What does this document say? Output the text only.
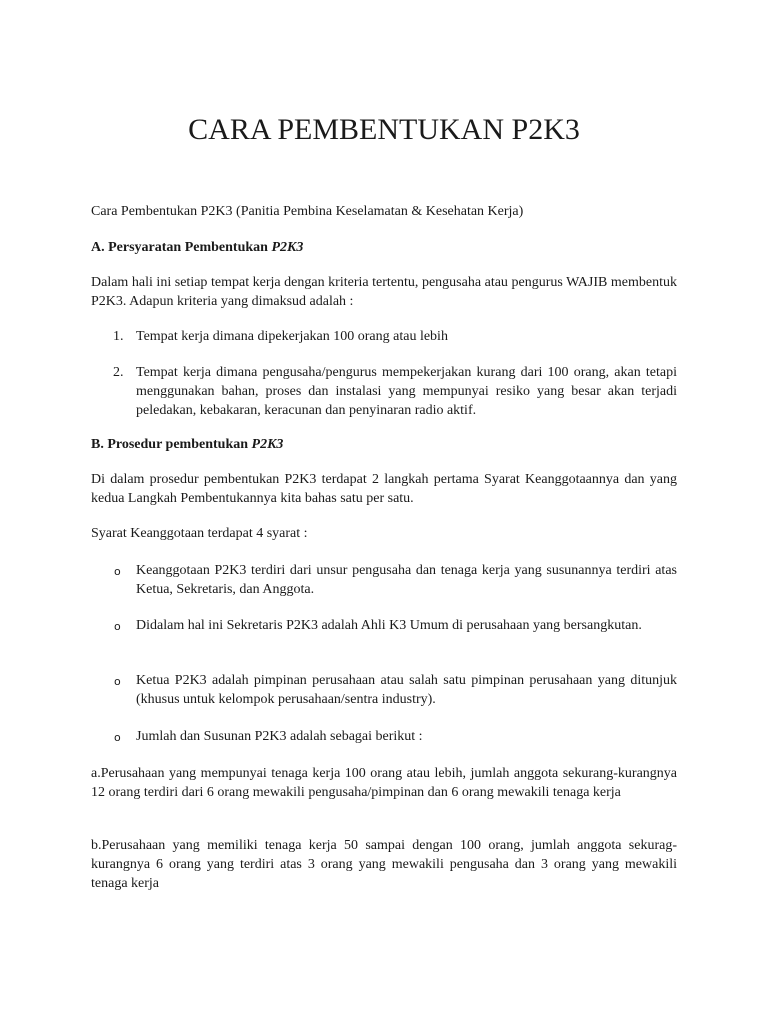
CARA PEMBENTUKAN P2K3

Cara Pembentukan P2K3 (Panitia Pembina Keselamatan & Kesehatan Kerja)

A. Persyaratan Pembentukan P2K3

Dalam hali ini setiap tempat kerja dengan kriteria tertentu, pengusaha atau pengurus WAJIB membentuk P2K3. Adapun kriteria yang dimaksud adalah :

1. Tempat kerja dimana dipekerjakan 100 orang atau lebih
2. Tempat kerja dimana pengusaha/pengurus mempekerjakan kurang dari 100 orang, akan tetapi menggunakan bahan, proses dan instalasi yang mempunyai resiko yang besar akan terjadi peledakan, kebakaran, keracunan dan penyinaran radio aktif.
B. Prosedur pembentukan P2K3

Di dalam prosedur pembentukan P2K3 terdapat 2 langkah pertama Syarat Keanggotaannya dan yang kedua Langkah Pembentukannya kita bahas satu per satu.

Syarat Keanggotaan terdapat 4 syarat :

o Keanggotaan P2K3 terdiri dari unsur pengusaha dan tenaga kerja yang susunannya terdiri atas Ketua, Sekretaris, dan Anggota.
o Didalam hal ini Sekretaris P2K3 adalah Ahli K3 Umum di perusahaan yang bersangkutan.
o Ketua P2K3 adalah pimpinan perusahaan atau salah satu pimpinan perusahaan yang ditunjuk (khusus untuk kelompok perusahaan/sentra industry).
o Jumlah dan Susunan P2K3 adalah sebagai berikut :

a.Perusahaan yang mempunyai tenaga kerja 100 orang atau lebih, jumlah anggota sekurang-kurangnya 12 orang terdiri dari 6 orang mewakili pengusaha/pimpinan dan 6 orang mewakili tenaga kerja

b.Perusahaan yang memiliki tenaga kerja 50 sampai dengan 100 orang, jumlah anggota sekurag-kurangnya 6 orang yang terdiri atas 3 orang yang mewakili pengusaha dan 3 orang yang mewakili tenaga kerja
